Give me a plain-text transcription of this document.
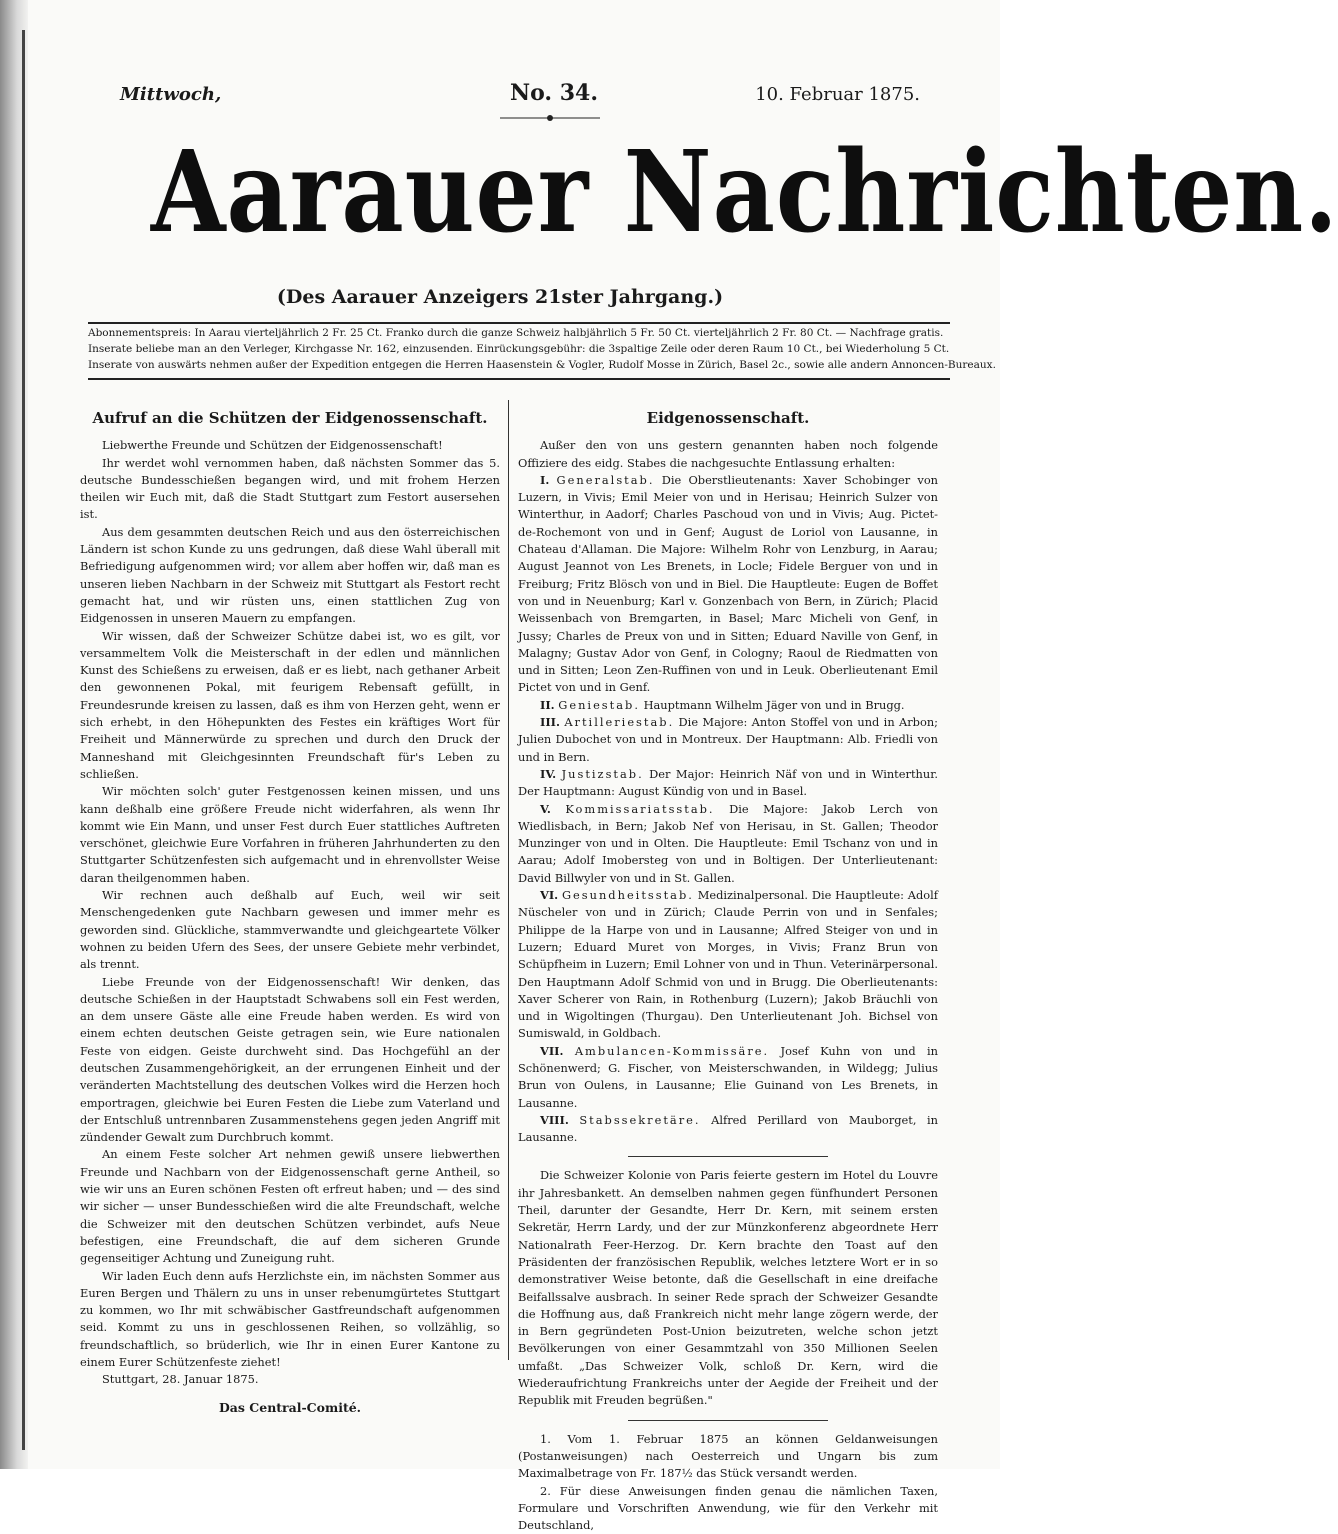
Mittwoch,	No. 34.	10. Februar 1875.
Aarauer Nachrichten.
(Des Aarauer Anzeigers 21ster Jahrgang.)
Abonnementspreis: In Aarau vierteljährlich 2 Fr. 25 Ct. Franko durch die ganze Schweiz halbjährlich 5 Fr. 50 Ct. vierteljährlich 2 Fr. 80 Ct. — Nachfrage gratis.
Inserate beliebe man an den Verleger, Kirchgasse Nr. 162, einzusenden. Einrückungsgebühr: die 3spaltige Zeile oder deren Raum 10 Ct., bei Wiederholung 5 Ct.
Inserate von auswärts nehmen außer der Expedition entgegen die Herren Haasenstein & Vogler, Rudolf Mosse in Zürich, Basel 2c., sowie alle andern Annoncen-Bureaux.
Aufruf an die Schützen der Eidgenossenschaft.

Liebwerthe Freunde und Schützen der Eidgenossenschaft!

Ihr werdet wohl vernommen haben, daß nächsten Sommer das 5. deutsche Bundesschießen begangen wird, und mit frohem Herzen theilen wir Euch mit, daß die Stadt Stuttgart zum Festort ausersehen ist.

Aus dem gesammten deutschen Reich und aus den österreichischen Ländern ist schon Kunde zu uns gedrungen, daß diese Wahl überall mit Befriedigung aufgenommen wird; vor allem aber hoffen wir, daß man es unseren lieben Nachbarn in der Schweiz mit Stuttgart als Festort recht gemacht hat, und wir rüsten uns, einen stattlichen Zug von Eidgenossen in unseren Mauern zu empfangen.

Wir wissen, daß der Schweizer Schütze dabei ist, wo es gilt, vor versammeltem Volk die Meisterschaft in der edlen und männlichen Kunst des Schießens zu erweisen, daß er es liebt, nach gethaner Arbeit den gewonnenen Pokal, mit feurigem Rebensaft gefüllt, in Freundesrunde kreisen zu lassen, daß es ihm von Herzen geht, wenn er sich erhebt, in den Höhepunkten des Festes ein kräftiges Wort für Freiheit und Männerwürde zu sprechen und durch den Druck der Manneshand mit Gleichgesinnten Freundschaft für's Leben zu schließen.

Wir möchten solch' guter Festgenossen keinen missen, und uns kann deßhalb eine größere Freude nicht widerfahren, als wenn Ihr kommt wie Ein Mann, und unser Fest durch Euer stattliches Auftreten verschönet, gleichwie Eure Vorfahren in früheren Jahrhunderten zu den Stuttgarter Schützenfesten sich aufgemacht und in ehrenvollster Weise daran theilgenommen haben.

Wir rechnen auch deßhalb auf Euch, weil wir seit Menschengedenken gute Nachbarn gewesen und immer mehr es geworden sind. Glückliche, stammverwandte und gleichgeartete Völker wohnen zu beiden Ufern des Sees, der unsere Gebiete mehr verbindet, als trennt.

Liebe Freunde von der Eidgenossenschaft! Wir denken, das deutsche Schießen in der Hauptstadt Schwabens soll ein Fest werden, an dem unsere Gäste alle eine Freude haben werden. Es wird von einem echten deutschen Geiste getragen sein, wie Eure nationalen Feste von eidgen. Geiste durchweht sind. Das Hochgefühl an der deutschen Zusammengehörigkeit, an der errungenen Einheit und der veränderten Machtstellung des deutschen Volkes wird die Herzen hoch emportragen, gleichwie bei Euren Festen die Liebe zum Vaterland und der Entschluß untrennbaren Zusammenstehens gegen jeden Angriff mit zündender Gewalt zum Durchbruch kommt.

An einem Feste solcher Art nehmen gewiß unsere liebwerthen Freunde und Nachbarn von der Eidgenossenschaft gerne Antheil, so wie wir uns an Euren schönen Festen oft erfreut haben; und — des sind wir sicher — unser Bundesschießen wird die alte Freundschaft, welche die Schweizer mit den deutschen Schützen verbindet, aufs Neue befestigen, eine Freundschaft, die auf dem sicheren Grunde gegenseitiger Achtung und Zuneigung ruht.

Wir laden Euch denn aufs Herzlichste ein, im nächsten Sommer aus Euren Bergen und Thälern zu uns in unser rebenumgürtetes Stuttgart zu kommen, wo Ihr mit schwäbischer Gastfreundschaft aufgenommen seid. Kommt zu uns in geschlossenen Reihen, so vollzählig, so freundschaftlich, so brüderlich, wie Ihr in einen Eurer Kantone zu einem Eurer Schützenfeste ziehet!

Stuttgart, 28. Januar 1875.

Das Central-Comité.
Eidgenossenschaft.

Außer den von uns gestern genannten haben noch folgende Offiziere des eidg. Stabes die nachgesuchte Entlassung erhalten:

I. Generalstab. Die Oberstlieutenants: Xaver Schobinger von Luzern, in Vivis; Emil Meier von und in Herisau; Heinrich Sulzer von Winterthur, in Aadorf; Charles Paschoud von und in Vivis; Aug. Pictet-de-Rochemont von und in Genf; August de Loriol von Lausanne, in Chateau d'Allaman. Die Majore: Wilhelm Rohr von Lenzburg, in Aarau; August Jeannot von Les Brenets, in Locle; Fidele Berguer von und in Freiburg; Fritz Blösch von und in Biel. Die Hauptleute: Eugen de Boffet von und in Neuenburg; Karl v. Gonzenbach von Bern, in Zürich; Placid Weissenbach von Bremgarten, in Basel; Marc Micheli von Genf, in Jussy; Charles de Preux von und in Sitten; Eduard Naville von Genf, in Malagny; Gustav Ador von Genf, in Cologny; Raoul de Riedmatten von und in Sitten; Leon Zen-Ruffinen von und in Leuk. Oberlieutenant Emil Pictet von und in Genf.

II. Geniestab. Hauptmann Wilhelm Jäger von und in Brugg.

III. Artilleriestab. Die Majore: Anton Stoffel von und in Arbon; Julien Dubochet von und in Montreux. Der Hauptmann: Alb. Friedli von und in Bern.

IV. Justizstab. Der Major: Heinrich Näf von und in Winterthur. Der Hauptmann: August Kündig von und in Basel.

V. Kommissariatsstab. Die Majore: Jakob Lerch von Wiedlisbach, in Bern; Jakob Nef von Herisau, in St. Gallen; Theodor Munzinger von und in Olten. Die Hauptleute: Emil Tschanz von und in Aarau; Adolf Imobersteg von und in Boltigen. Der Unterlieutenant: David Billwyler von und in St. Gallen.

VI. Gesundheitsstab. Medizinalpersonal. Die Hauptleute: Adolf Nüscheler von und in Zürich; Claude Perrin von und in Senfales; Philippe de la Harpe von und in Lausanne; Alfred Steiger von und in Luzern; Eduard Muret von Morges, in Vivis; Franz Brun von Schüpfheim in Luzern; Emil Lohner von und in Thun. Veterinärpersonal. Den Hauptmann Adolf Schmid von und in Brugg. Die Oberlieutenants: Xaver Scherer von Rain, in Rothenburg (Luzern); Jakob Bräuchli von und in Wigoltingen (Thurgau). Den Unterlieutenant Joh. Bichsel von Sumiswald, in Goldbach.

VII. Ambulancen-Kommissäre. Josef Kuhn von und in Schönenwerd; G. Fischer, von Meisterschwanden, in Wildegg; Julius Brun von Oulens, in Lausanne; Elie Guinand von Les Brenets, in Lausanne.

VIII. Stabssekretäre. Alfred Perillard von Mauborget, in Lausanne.

Die Schweizer Kolonie von Paris feierte gestern im Hotel du Louvre ihr Jahresbankett. An demselben nahmen gegen fünfhundert Personen Theil, darunter der Gesandte, Herr Dr. Kern, mit seinem ersten Sekretär, Herrn Lardy, und der zur Münzkonferenz abgeordnete Herr Nationalrath Feer-Herzog. Dr. Kern brachte den Toast auf den Präsidenten der französischen Republik, welches letztere Wort er in so demonstrativer Weise betonte, daß die Gesellschaft in eine dreifache Beifallssalve ausbrach. In seiner Rede sprach der Schweizer Gesandte die Hoffnung aus, daß Frankreich nicht mehr lange zögern werde, der in Bern gegründeten Post-Union beizutreten, welche schon jetzt Bevölkerungen von einer Gesammtzahl von 350 Millionen Seelen umfaßt. „Das Schweizer Volk, schloß Dr. Kern, wird die Wiederaufrichtung Frankreichs unter der Aegide der Freiheit und der Republik mit Freuden begrüßen."

1. Vom 1. Februar 1875 an können Geldanweisungen (Postanweisungen) nach Oesterreich und Ungarn bis zum Maximalbetrage von Fr. 187½ das Stück versandt werden.

2. Für diese Anweisungen finden genau die nämlichen Taxen, Formulare und Vorschriften Anwendung, wie für den Verkehr mit Deutschland,
